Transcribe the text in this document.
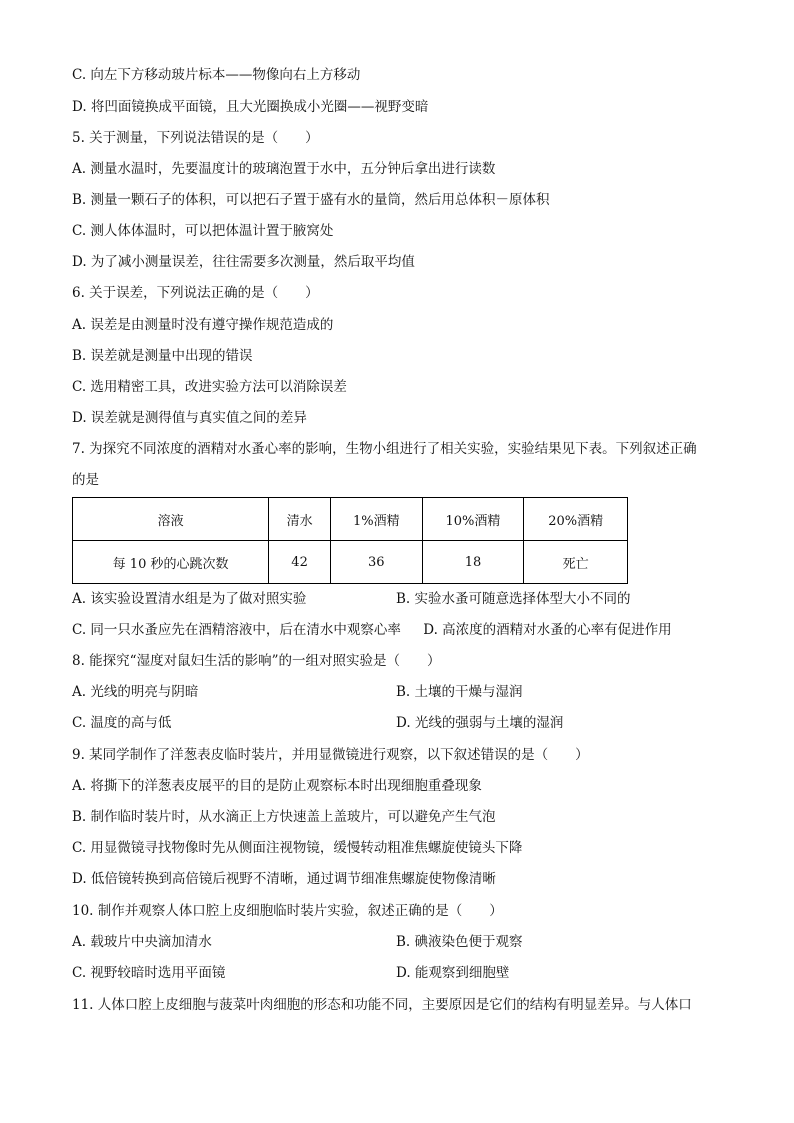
C. 向左下方移动玻片标本——物像向右上方移动
D. 将凹面镜换成平面镜，且大光圈换成小光圈——视野变暗
5. 关于测量，下列说法错误的是（　　）
A. 测量水温时，先要温度计的玻璃泡置于水中，五分钟后拿出进行读数
B. 测量一颗石子的体积，可以把石子置于盛有水的量筒，然后用总体积－原体积
C. 测人体体温时，可以把体温计置于腋窝处
D. 为了减小测量误差，往往需要多次测量，然后取平均值
6. 关于误差，下列说法正确的是（　　）
A. 误差是由测量时没有遵守操作规范造成的
B. 误差就是测量中出现的错误
C. 选用精密工具，改进实验方法可以消除误差
D. 误差就是测得值与真实值之间的差异
7. 为探究不同浓度的酒精对水蚤心率的影响，生物小组进行了相关实验，实验结果见下表。下列叙述正确
的是
溶液	清水	1%酒精	10%酒精	20%酒精
每 10 秒的心跳次数	42	36	18	死亡
A. 该实验设置清水组是为了做对照实验	B. 实验水蚤可随意选择体型大小不同的
C. 同一只水蚤应先在酒精溶液中，后在清水中观察心率 D. 高浓度的酒精对水蚤的心率有促进作用
8. 能探究“湿度对鼠妇生活的影响”的一组对照实验是（　　）
A. 光线的明亮与阴暗	B. 土壤的干燥与湿润
C. 温度的高与低	D. 光线的强弱与土壤的湿润
9. 某同学制作了洋葱表皮临时装片，并用显微镜进行观察，以下叙述错误的是（　　）
A. 将撕下的洋葱表皮展平的目的是防止观察标本时出现细胞重叠现象
B. 制作临时装片时，从水滴正上方快速盖上盖玻片，可以避免产生气泡
C. 用显微镜寻找物像时先从侧面注视物镜，缓慢转动粗准焦螺旋使镜头下降
D. 低倍镜转换到高倍镜后视野不清晰，通过调节细准焦螺旋使物像清晰
10. 制作并观察人体口腔上皮细胞临时装片实验，叙述正确的是（　　）
A. 载玻片中央滴加清水	B. 碘液染色便于观察
C. 视野较暗时选用平面镜	D. 能观察到细胞壁
11. 人体口腔上皮细胞与菠菜叶肉细胞的形态和功能不同，主要原因是它们的结构有明显差异。与人体口
